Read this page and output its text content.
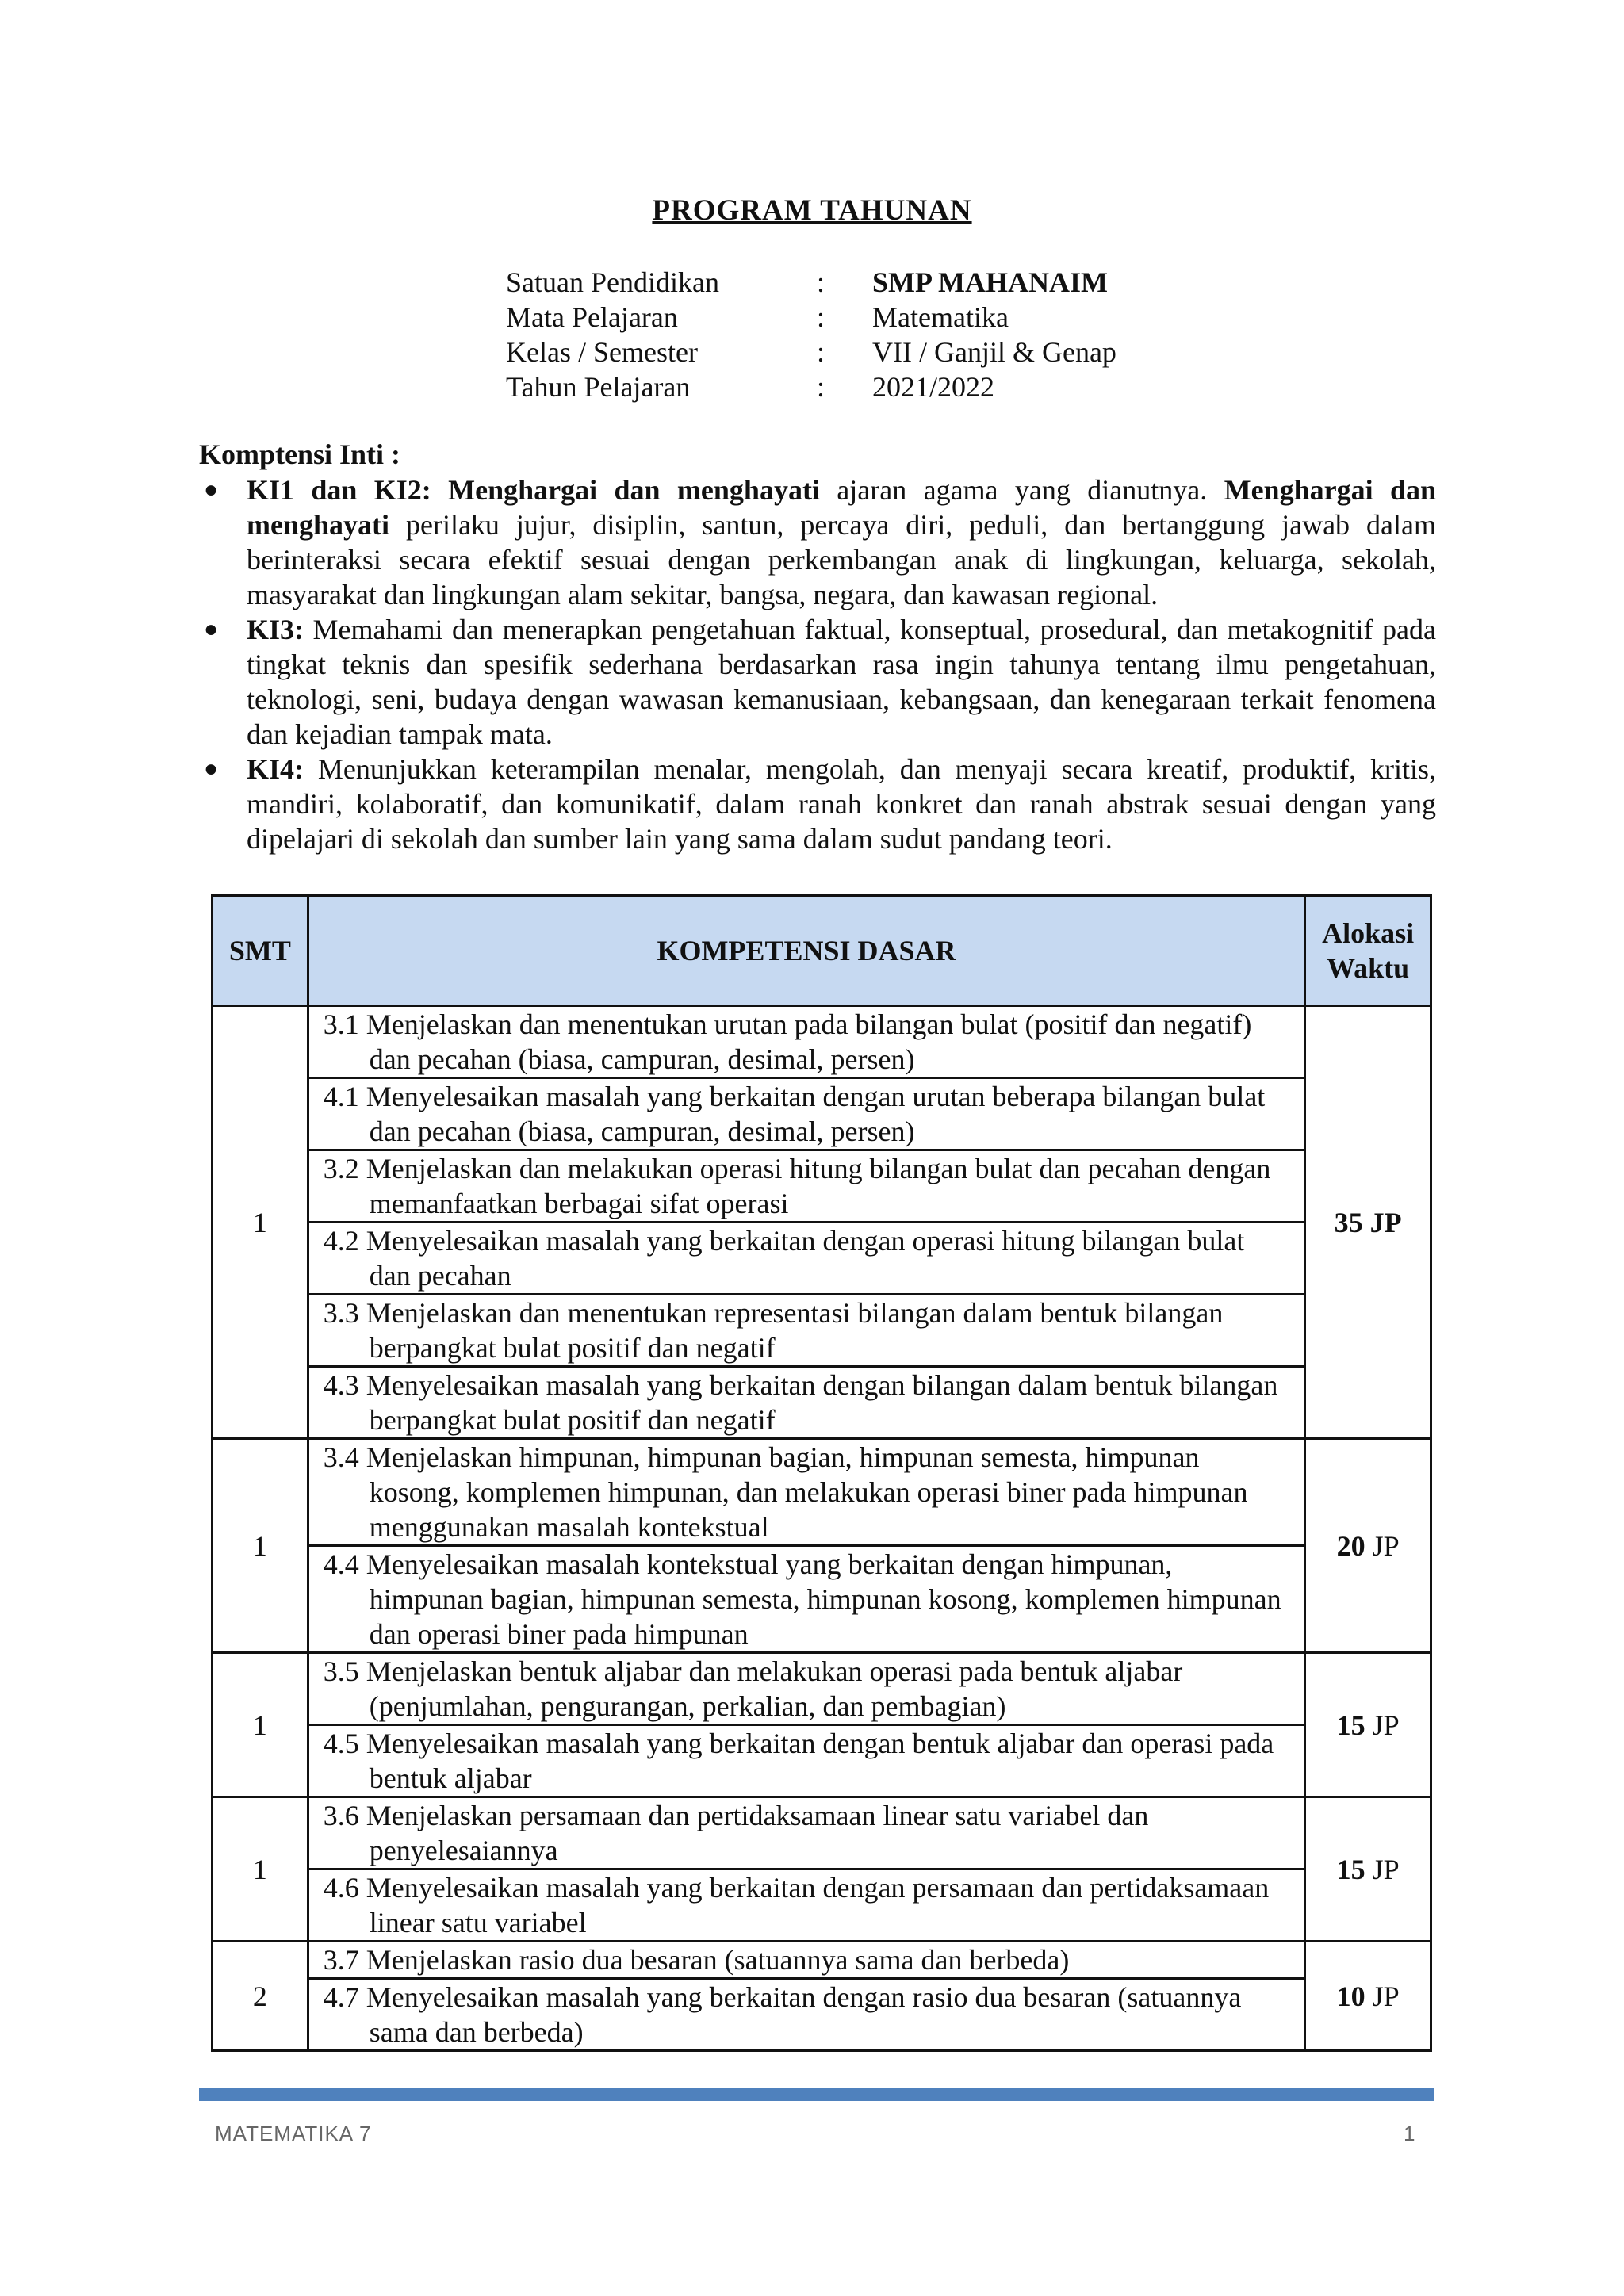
PROGRAM TAHUNAN
Satuan Pendidikan	:	SMP MAHANAIM
Mata Pelajaran	:	Matematika
Kelas / Semester	:	VII / Ganjil & Genap
Tahun Pelajaran	:	2021/2022
Komptensi Inti :
● KI1 dan KI2: Menghargai dan menghayati ajaran agama yang dianutnya. Menghargai dan menghayati perilaku jujur, disiplin, santun, percaya diri, peduli, dan bertanggung jawab dalam berinteraksi secara efektif sesuai dengan perkembangan anak di lingkungan, keluarga, sekolah, masyarakat dan lingkungan alam sekitar, bangsa, negara, dan kawasan regional.
● KI3: Memahami dan menerapkan pengetahuan faktual, konseptual, prosedural, dan metakognitif pada tingkat teknis dan spesifik sederhana berdasarkan rasa ingin tahunya tentang ilmu pengetahuan, teknologi, seni, budaya dengan wawasan kemanusiaan, kebangsaan, dan kenegaraan terkait fenomena dan kejadian tampak mata.
● KI4: Menunjukkan keterampilan menalar, mengolah, dan menyaji secara kreatif, produktif, kritis, mandiri, kolaboratif, dan komunikatif, dalam ranah konkret dan ranah abstrak sesuai dengan yang dipelajari di sekolah dan sumber lain yang sama dalam sudut pandang teori.
SMT	KOMPETENSI DASAR	Alokasi
Waktu

1	3.1 Menjelaskan dan menentukan urutan pada bilangan bulat (positif dan negatif) dan pecahan (biasa, campuran, desimal, persen)	35 JP

	4.1 Menyelesaikan masalah yang berkaitan dengan urutan beberapa bilangan bulat dan pecahan (biasa, campuran, desimal, persen)	

	3.2 Menjelaskan dan melakukan operasi hitung bilangan bulat dan pecahan dengan memanfaatkan berbagai sifat operasi	

	4.2 Menyelesaikan masalah yang berkaitan dengan operasi hitung bilangan bulat dan pecahan	

	3.3 Menjelaskan dan menentukan representasi bilangan dalam bentuk bilangan berpangkat bulat positif dan negatif	

	4.3 Menyelesaikan masalah yang berkaitan dengan bilangan dalam bentuk bilangan berpangkat bulat positif dan negatif	

1	3.4 Menjelaskan himpunan, himpunan bagian, himpunan semesta, himpunan kosong, komplemen himpunan, dan melakukan operasi biner pada himpunan menggunakan masalah kontekstual	20 JP

	4.4 Menyelesaikan masalah kontekstual yang berkaitan dengan himpunan, himpunan bagian, himpunan semesta, himpunan kosong, komplemen himpunan dan operasi biner pada himpunan	

1	3.5 Menjelaskan bentuk aljabar dan melakukan operasi pada bentuk aljabar (penjumlahan, pengurangan, perkalian, dan pembagian)	15 JP

	4.5 Menyelesaikan masalah yang berkaitan dengan bentuk aljabar dan operasi pada bentuk aljabar	

1	3.6 Menjelaskan persamaan dan pertidaksamaan linear satu variabel dan penyelesaiannya	15 JP

	4.6 Menyelesaikan masalah yang berkaitan dengan persamaan dan pertidaksamaan linear satu variabel	

2	3.7 Menjelaskan rasio dua besaran (satuannya sama dan berbeda)	10 JP

	4.7 Menyelesaikan masalah yang berkaitan dengan rasio dua besaran (satuannya sama dan berbeda)	
MATEMATIKA 7	1
